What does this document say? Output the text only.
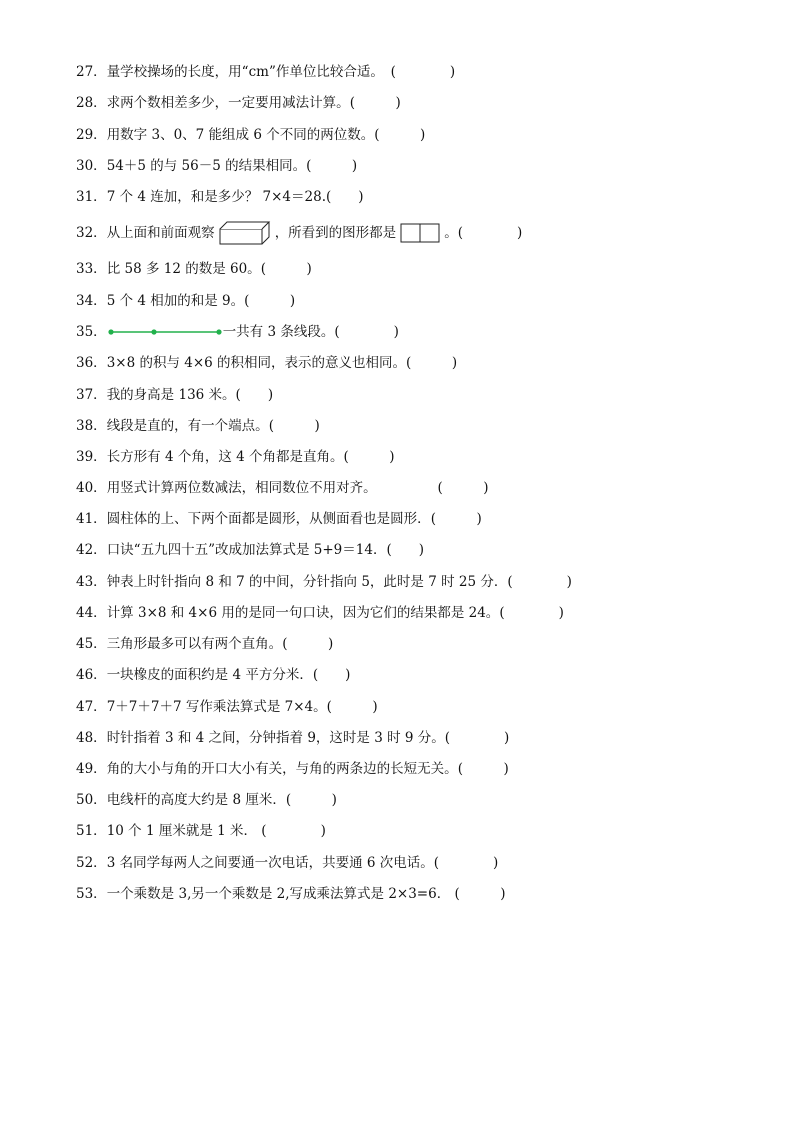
27． 量学校操场的长度，用“cm”作单位比较合适。　 (　　　　)
28． 求两个数相差多少，一定要用减法计算。 (　　　)
29． 用数字 3、0、7 能组成 6 个不同的两位数。 (　　　)
30． 54＋5 的与 56－5 的结果相同。 (　　　)
31． 7 个 4 连加，和是多少？ 7×4＝28. (　　)
32． 从上面和前面观察	，所看到的图形都是	。 (　　　　)
33． 比 58 多 12 的数是 60。 (　　　)
34． 5 个 4 相加的和是 9。 (　　　)
35．	一共有 3 条线段。 (　　　　)
36． 3×8 的积与 4×6 的积相同，表示的意义也相同。 (　　　)
37． 我的身高是 136 米。 (　　)
38． 线段是直的，有一个端点。 (　　　)
39． 长方形有 4 个角，这 4 个角都是直角。 (　　　)
40． 用竖式计算两位数减法，相同数位不用对齐。　　　　　 (　　　)
41． 圆柱体的上、下两个面都是圆形，从侧面看也是圆形． (　　　)
42． 口诀“五九四十五”改成加法算式是 5+9＝14． (　　)
43． 钟表上时针指向 8 和 7 的中间，分针指向 5，此时是 7 时 25 分． (　　　　)
44． 计算 3×8 和 4×6 用的是同一句口诀，因为它们的结果都是 24。 (　　　　)
45． 三角形最多可以有两个直角。 (　　　)
46． 一块橡皮的面积约是 4 平方分米． (　　)
47． 7＋7＋7＋7 写作乘法算式是 7×4。 (　　　)
48． 时针指着 3 和 4 之间，分钟指着 9，这时是 3 时 9 分。 (　　　　)
49． 角的大小与角的开口大小有关，与角的两条边的长短无关。 (　　　)
50． 电线杆的高度大约是 8 厘米． (　　　)
51． 10 个 1 厘米就是 1 米． (　　　　)
52． 3 名同学每两人之间要通一次电话，共要通 6 次电话。 (　　　　)
53． 一个乘数是 3,另一个乘数是 2,写成乘法算式是 2×3=6． (　　　)
